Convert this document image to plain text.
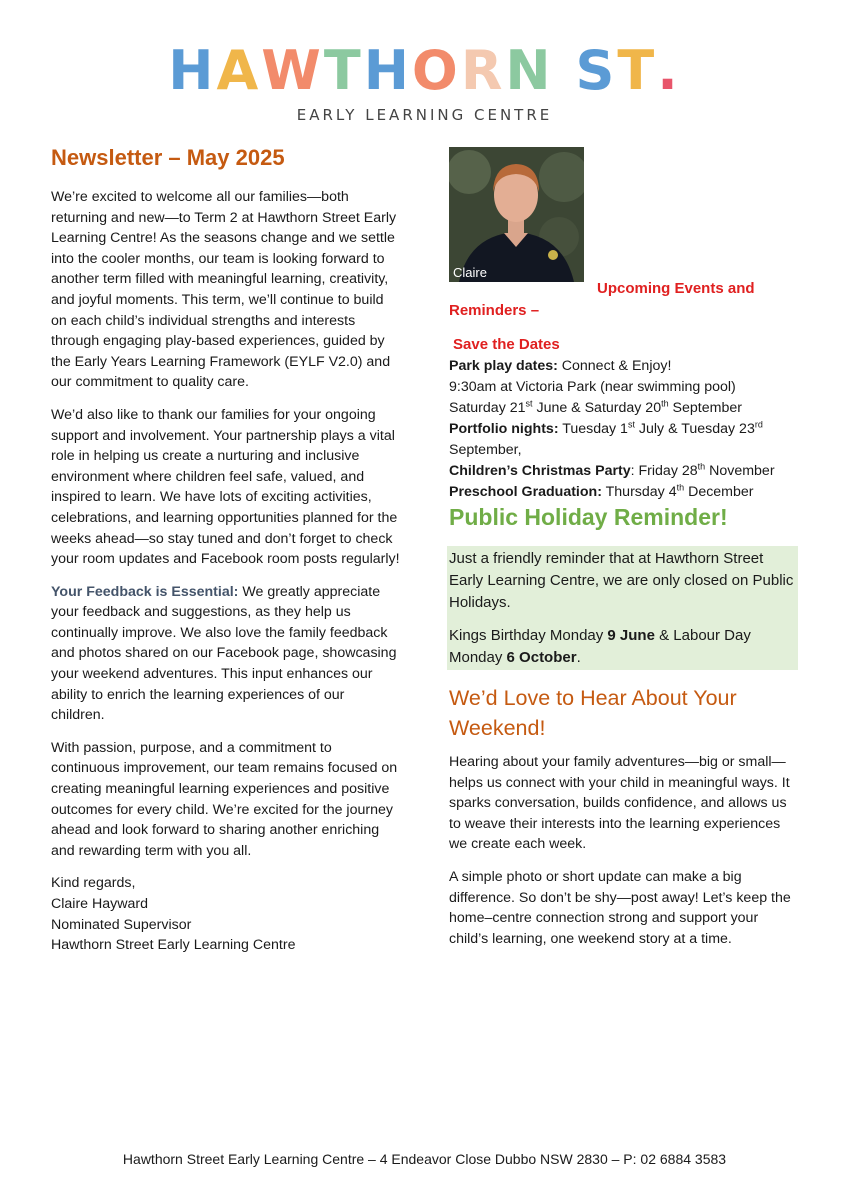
HAWTHORN ST.
EARLY LEARNING CENTRE
Newsletter – May 2025

We’re excited to welcome all our families—both returning and new—to Term 2 at Hawthorn Street Early Learning Centre! As the seasons change and we settle into the cooler months, our team is looking forward to another term filled with meaningful learning, creativity, and joyful moments. This term, we’ll continue to build on each child’s individual strengths and interests through engaging play-based experiences, guided by the Early Years Learning Framework (EYLF V2.0) and our commitment to quality care.

We’d also like to thank our families for your ongoing support and involvement. Your partnership plays a vital role in helping us create a nurturing and inclusive environment where children feel safe, valued, and inspired to learn. We have lots of exciting activities, celebrations, and learning opportunities planned for the weeks ahead—so stay tuned and don’t forget to check your room updates and Facebook room posts regularly!

Your Feedback is Essential: We greatly appreciate your feedback and suggestions, as they help us continually improve. We also love the family feedback and photos shared on our Facebook page, showcasing your weekend adventures. This input enhances our ability to enrich the learning experiences of our children.

With passion, purpose, and a commitment to continuous improvement, our team remains focused on creating meaningful learning experiences and positive outcomes for every child. We’re excited for the journey ahead and look forward to sharing another enriching and rewarding term with you all.

Kind regards,
Claire Hayward
Nominated Supervisor
Hawthorn Street Early Learning Centre
Claire
Upcoming Events and
Reminders –
Save the Dates
Park play dates: Connect & Enjoy!
9:30am at Victoria Park (near swimming pool)
Saturday 21st June & Saturday 20th September
Portfolio nights: Tuesday 1st July & Tuesday 23rd
September,
Children’s Christmas Party: Friday 28th November
Preschool Graduation: Thursday 4th December
Public Holiday Reminder!
Just a friendly reminder that at Hawthorn Street Early Learning Centre, we are only closed on Public Holidays.
Kings Birthday Monday 9 June & Labour Day Monday 6 October.
We’d Love to Hear About Your Weekend!
Hearing about your family adventures—big or small—helps us connect with your child in meaningful ways. It sparks conversation, builds confidence, and allows us to weave their interests into the learning experiences we create each week.
A simple photo or short update can make a big difference. So don’t be shy—post away! Let’s keep the home–centre connection strong and support your child’s learning, one weekend story at a time.
Hawthorn Street Early Learning Centre – 4 Endeavor Close Dubbo NSW 2830 – P: 02 6884 3583
